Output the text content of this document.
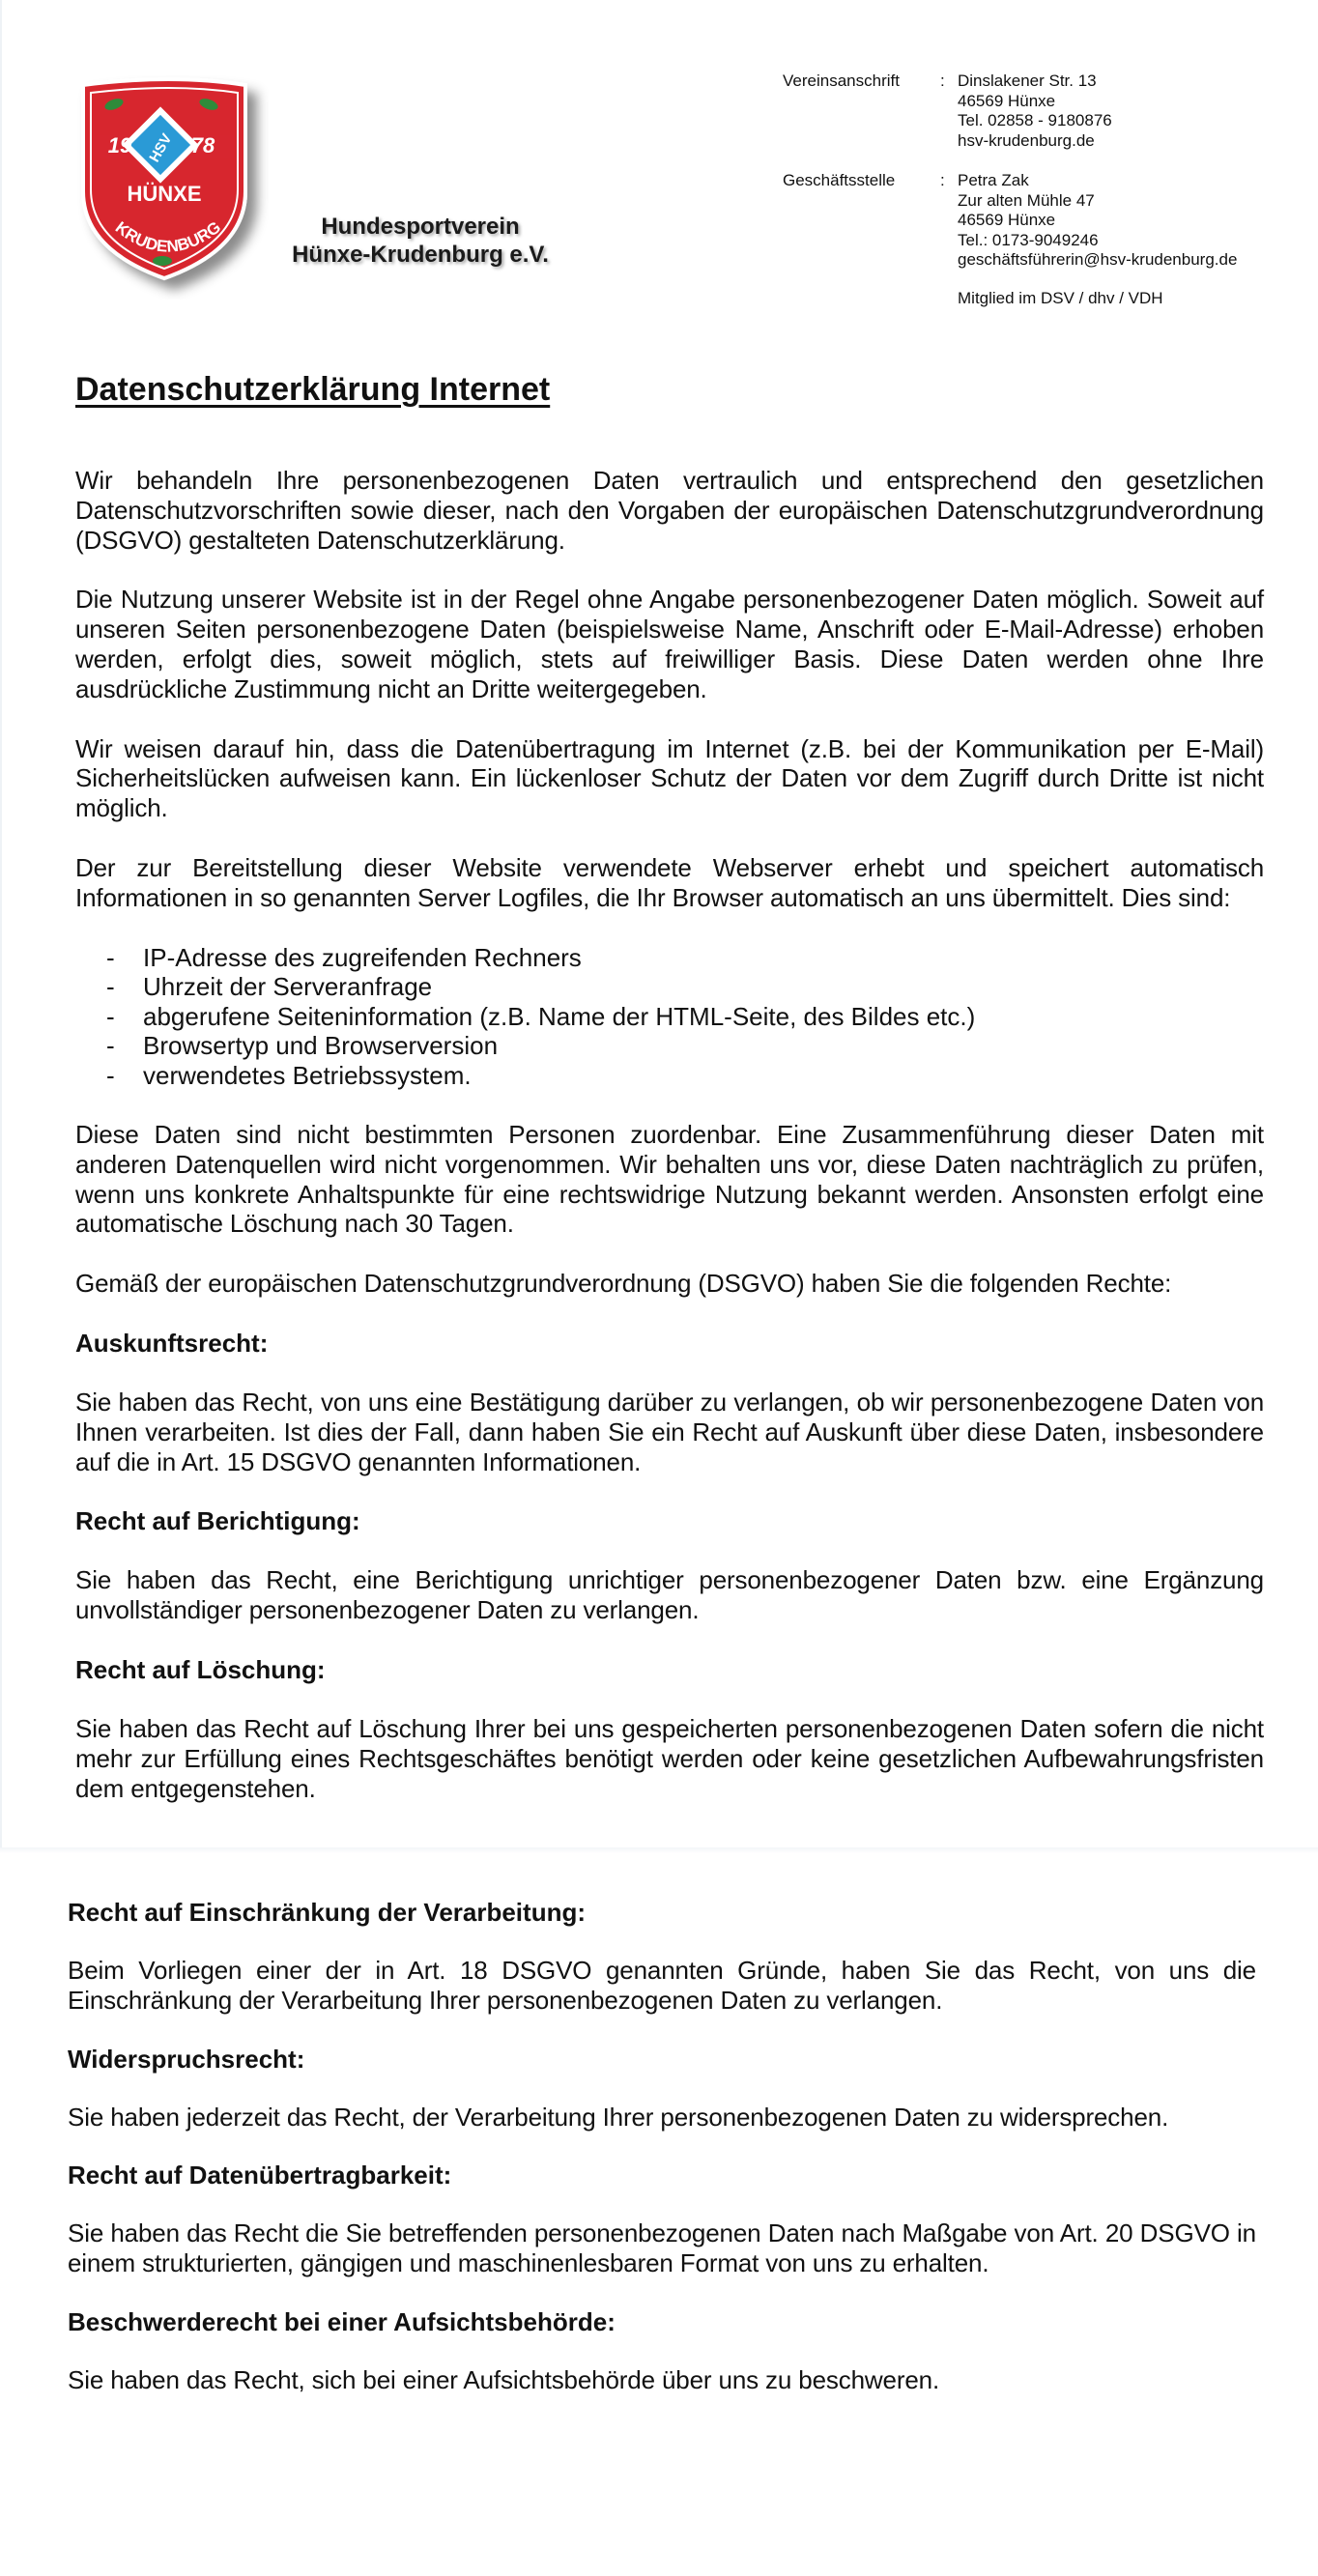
HSV
19	78
HÜNXE
KRUDENBURG	Hundesportverein
Hünxe-Krudenburg e.V.
Vereinsanschrift	: Dinslakener Str. 13
46569 Hünxe
Tel. 02858 - 9180876
hsv-krudenburg.de
Geschäftsstelle	: Petra Zak
Zur alten Mühle 47
46569 Hünxe
Tel.: 0173-9049246
geschäftsführerin@hsv-krudenburg.de
Mitglied im DSV / dhv / VDH
Datenschutzerklärung Internet

Wir behandeln Ihre personenbezogenen Daten vertraulich und entsprechend den gesetzlichen Datenschutzvorschriften sowie dieser, nach den Vorgaben der europäischen Datenschutzgrundverordnung (DSGVO) gestalteten Datenschutzerklärung.

Die Nutzung unserer Website ist in der Regel ohne Angabe personenbezogener Daten möglich. Soweit auf unseren Seiten personenbezogene Daten (beispielsweise Name, Anschrift oder E-Mail-Adresse) erhoben werden, erfolgt dies, soweit möglich, stets auf freiwilliger Basis. Diese Daten werden ohne Ihre ausdrückliche Zustimmung nicht an Dritte weitergegeben.

Wir weisen darauf hin, dass die Datenübertragung im Internet (z.B. bei der Kommunikation per E-Mail) Sicherheitslücken aufweisen kann. Ein lückenloser Schutz der Daten vor dem Zugriff durch Dritte ist nicht möglich.

Der zur Bereitstellung dieser Website verwendete Webserver erhebt und speichert automatisch Informationen in so genannten Server Logfiles, die Ihr Browser automatisch an uns übermittelt. Dies sind:

- IP-Adresse des zugreifenden Rechners
- Uhrzeit der Serveranfrage
- abgerufene Seiteninformation (z.B. Name der HTML-Seite, des Bildes etc.)
- Browsertyp und Browserversion
- verwendetes Betriebssystem.

Diese Daten sind nicht bestimmten Personen zuordenbar. Eine Zusammenführung dieser Daten mit anderen Datenquellen wird nicht vorgenommen. Wir behalten uns vor, diese Daten nachträglich zu prüfen, wenn uns konkrete Anhaltspunkte für eine rechtswidrige Nutzung bekannt werden. Ansonsten erfolgt eine automatische Löschung nach 30 Tagen.

Gemäß der europäischen Datenschutzgrundverordnung (DSGVO) haben Sie die folgenden Rechte:

Auskunftsrecht:

Sie haben das Recht, von uns eine Bestätigung darüber zu verlangen, ob wir personenbezogene Daten von Ihnen verarbeiten. Ist dies der Fall, dann haben Sie ein Recht auf Auskunft über diese Daten, insbesondere auf die in Art. 15 DSGVO genannten Informationen.

Recht auf Berichtigung:

Sie haben das Recht, eine Berichtigung unrichtiger personenbezogener Daten bzw. eine Ergänzung unvollständiger personenbezogener Daten zu verlangen.

Recht auf Löschung:

Sie haben das Recht auf Löschung Ihrer bei uns gespeicherten personenbezogenen Daten sofern die nicht mehr zur Erfüllung eines Rechtsgeschäftes benötigt werden oder keine gesetzlichen Aufbewahrungsfristen dem entgegenstehen.

Recht auf Einschränkung der Verarbeitung:

Beim Vorliegen einer der in Art. 18 DSGVO genannten Gründe, haben Sie das Recht, von uns die Einschränkung der Verarbeitung Ihrer personenbezogenen Daten zu verlangen.

Widerspruchsrecht:

Sie haben jederzeit das Recht, der Verarbeitung Ihrer personenbezogenen Daten zu widersprechen.

Recht auf Datenübertragbarkeit:

Sie haben das Recht die Sie betreffenden personenbezogenen Daten nach Maßgabe von Art. 20 DSGVO in einem strukturierten, gängigen und maschinenlesbaren Format von uns zu erhalten.

Beschwerderecht bei einer Aufsichtsbehörde:

Sie haben das Recht, sich bei einer Aufsichtsbehörde über uns zu beschweren.
